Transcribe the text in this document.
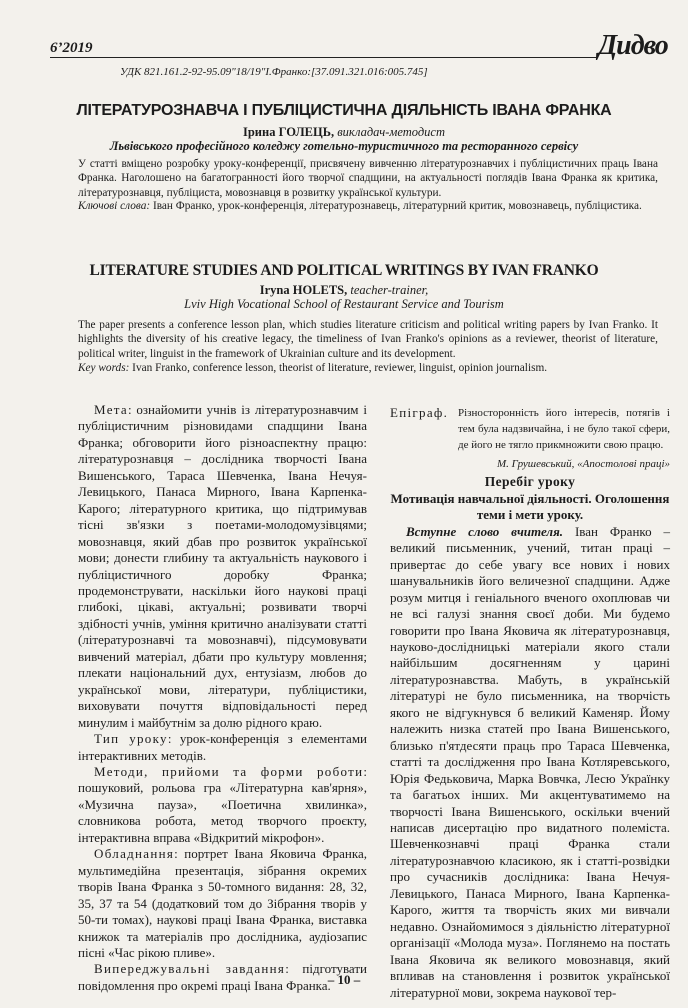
6’2019	Дидво
УДК 821.161.2-92-95.09"18/19"І.Франко:[37.091.321.016:005.745]
ЛІТЕРАТУРОЗНАВЧА І ПУБЛІЦИСТИЧНА ДІЯЛЬНІСТЬ ІВАНА ФРАНКА
Ірина ГОЛЕЦЬ, викладач-методист
Львівського професійного коледжу готельно-туристичного та ресторанного сервісу
У статті вміщено розробку уроку-конференції, присвячену вивченню літературознавчих і публіцистичних праць Івана Франка. Наголошено на багатогранності його творчої спадщини, на актуальності поглядів Івана Франка як критика, літературознавця, публіциста, мовознавця в розвитку української культури.
Ключові слова: Іван Франко, урок-конференція, літературознавець, літературний критик, мовознавець, публіцистика.
LITERATURE STUDIES AND POLITICAL WRITINGS BY IVAN FRANKO
Iryna HOLETS, teacher-trainer,
Lviv High Vocational School of Restaurant Service and Tourism
The paper presents a conference lesson plan, which studies literature criticism and political writing papers by Ivan Franko. It highlights the diversity of his creative legacy, the timeliness of Ivan Franko's opinions as a reviewer, theorist of literature, political writer, linguist in the framework of Ukrainian culture and its development.
Key words: Ivan Franko, conference lesson, theorist of literature, reviewer, linguist, opinion journalism.

Мета: ознайомити учнів із літературознавчим і публіцистичним різновидами спадщини Івана Франка; обговорити його різноаспектну працю: літературознавця – дослідника творчості Івана Вишенського, Тараса Шевченка, Івана Нечуя-Левицького, Панаса Мирного, Івана Карпенка-Карого; літературного критика, що підтримував тісні зв'язки з поетами-молодомузівцями; мовознавця, який дбав про розвиток української мови; донести глибину та актуальність наукового і публіцистичного доробку Франка; продемонструвати, наскільки його наукові праці глибокі, цікаві, актуальні; розвивати творчі здібності учнів, уміння критично аналізувати статті (літературознавчі та мовознавчі), підсумовувати вивчений матеріал, дбати про культуру мовлення; плекати національний дух, ентузіазм, любов до української мови, літератури, публіцистики, виховувати почуття відповідальності перед минулим і майбутнім за долю рідного краю.

Тип уроку: урок-конференція з елементами інтерактивних методів.

Методи, прийоми та форми роботи: пошуковий, рольова гра «Літературна кав'ярня», «Музична пауза», «Поетична хвилинка», словникова робота, метод творчого проєкту, інтерактивна вправа «Відкритий мікрофон».

Обладнання: портрет Івана Яковича Франка, мультимедійна презентація, зібрання окремих творів Івана Франка з 50-томного видання: 28, 32, 35, 37 та 54 (додатковий том до Зібрання творів у 50-ти томах), наукові праці Івана Франка, виставка книжок та матеріалів про дослідника, аудіозапис пісні «Час рікою пливе».

Випереджувальні завдання: підготувати повідомлення про окремі праці Івана Франка.

Епіграф. Різносторонність його інтересів, потягів і тем була надзвичайна, і не було такої сфери, де його не тягло прикмножити свою працю.
М. Грушевський, «Апостолові праці»
Перебіг уроку
Мотивація навчальної діяльності. Оголошення теми і мети уроку.

Вступне слово вчителя. Іван Франко – великий письменник, учений, титан праці – привертає до себе увагу все нових і нових шанувальників його величезної спадщини. Адже розум митця і геніального вченого охоплював чи не всі галузі знання своєї доби. Ми будемо говорити про Івана Яковича як літературознавця, науково-дослідницькі матеріали якого стали найбільшим досягненням у царині літературознавства. Мабуть, в українській літературі не було письменника, на творчість якого не відгукнувся б великий Каменяр. Йому належить низка статей про Івана Вишенського, близько п'ятдесяти праць про Тараса Шевченка, статті та дослідження про Івана Котляревського, Юрія Федьковича, Марка Вовчка, Лесю Українку та багатьох інших. Ми акцентуватимемо на творчості Івана Вишенського, оскільки вчений написав дисертацію про видатного полеміста. Шевченкознавчі праці Франка стали літературознавчою класикою, як і статті-розвідки про сучасників дослідника: Івана Нечуя-Левицького, Панаса Мирного, Івана Карпенка-Карого, життя та творчість яких ми вивчали недавно. Ознайомимося з діяльністю літературної організації «Молода муза». Поглянемо на постать Івана Яковича як великого мовознавця, який впливав на становлення і розвиток української літературної мови, зокрема наукової тер-

– 10 –
